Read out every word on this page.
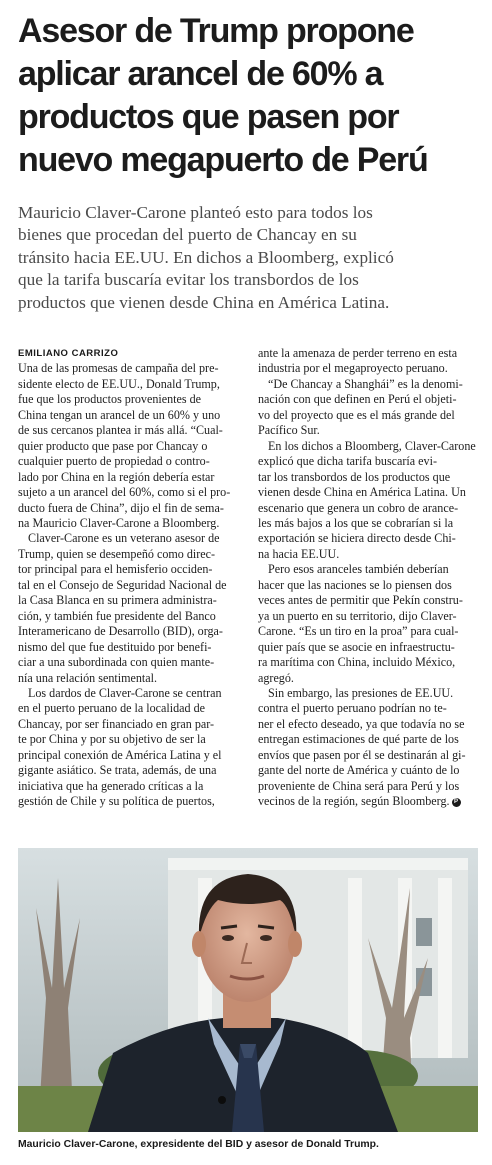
Asesor de Trump propone
aplicar arancel de 60% a
productos que pasen por
nuevo megapuerto de Perú

Mauricio Claver-Carone planteó esto para todos los
bienes que procedan del puerto de Chancay en su
tránsito hacia EE.UU. En dichos a Bloomberg, explicó
que la tarifa buscaría evitar los transbordos de los
productos que vienen desde China en América Latina.

EMILIANO CARRIZO
Una de las promesas de campaña del pre-
sidente electo de EE.UU., Donald Trump,
fue que los productos provenientes de
China tengan un arancel de un 60% y uno
de sus cercanos plantea ir más allá. “Cual-
quier producto que pase por Chancay o
cualquier puerto de propiedad o contro-
lado por China en la región debería estar
sujeto a un arancel del 60%, como si el pro-
ducto fuera de China”, dijo el fin de sema-
na Mauricio Claver-Carone a Bloomberg.
Claver-Carone es un veterano asesor de
Trump, quien se desempeñó como direc-
tor principal para el hemisferio occiden-
tal en el Consejo de Seguridad Nacional de
la Casa Blanca en su primera administra-
ción, y también fue presidente del Banco
Interamericano de Desarrollo (BID), orga-
nismo del que fue destituido por benefi-
ciar a una subordinada con quien mante-
nía una relación sentimental.
Los dardos de Claver-Carone se centran
en el puerto peruano de la localidad de
Chancay, por ser financiado en gran par-
te por China y por su objetivo de ser la
principal conexión de América Latina y el
gigante asiático. Se trata, además, de una
iniciativa que ha generado críticas a la
gestión de Chile y su política de puertos,
ante la amenaza de perder terreno en esta
industria por el megaproyecto peruano.
“De Chancay a Shanghái” es la denomi-
nación con que definen en Perú el objeti-
vo del proyecto que es el más grande del
Pacífico Sur.
En los dichos a Bloomberg, Claver-Carone
explicó que dicha tarifa buscaría evi-
tar los transbordos de los productos que
vienen desde China en América Latina. Un
escenario que genera un cobro de arance-
les más bajos a los que se cobrarían si la
exportación se hiciera directo desde Chi-
na hacia EE.UU.
Pero esos aranceles también deberían
hacer que las naciones se lo piensen dos
veces antes de permitir que Pekín constru-
ya un puerto en su territorio, dijo Claver-
Carone. “Es un tiro en la proa” para cual-
quier país que se asocie en infraestructu-
ra marítima con China, incluido México,
agregó.
Sin embargo, las presiones de EE.UU.
contra el puerto peruano podrían no te-
ner el efecto deseado, ya que todavía no se
entregan estimaciones de qué parte de los
envíos que pasen por él se destinarán al gi-
gante del norte de América y cuánto de lo
proveniente de China será para Perú y los
vecinos de la región, según Bloomberg. P
Mauricio Claver-Carone, expresidente del BID y asesor de Donald Trump.
